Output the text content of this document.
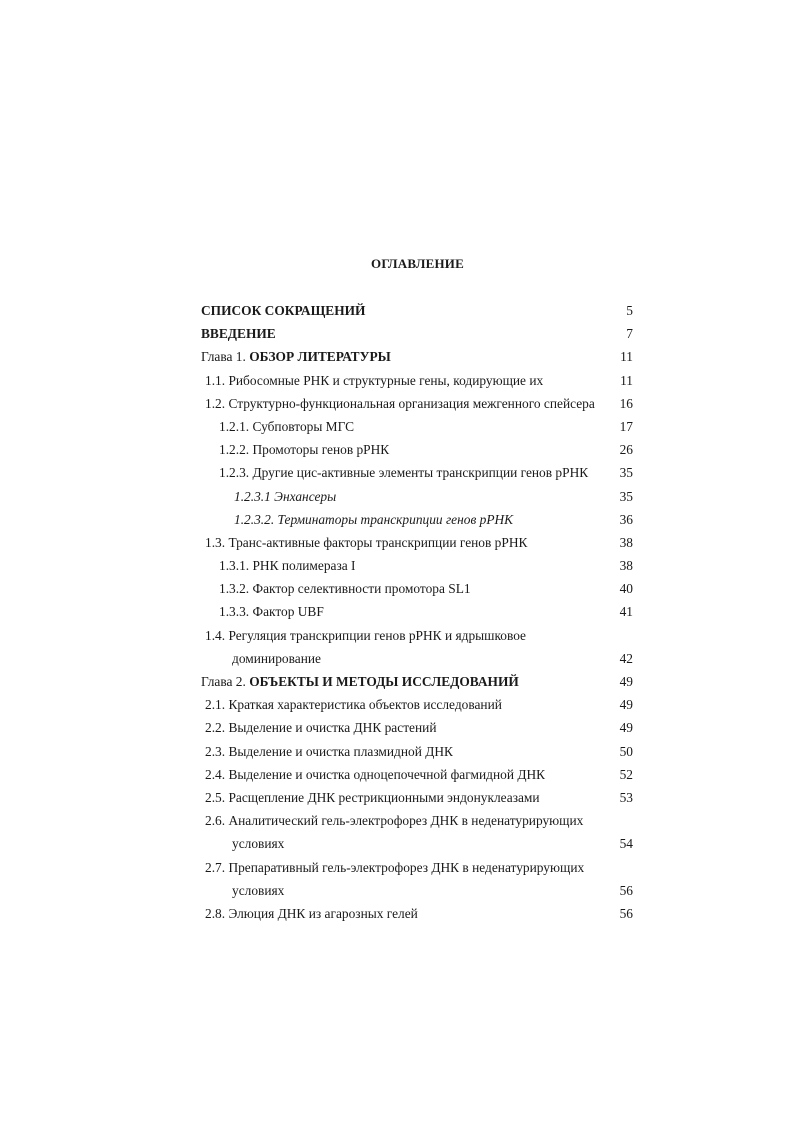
ОГЛАВЛЕНИЕ
СПИСОК СОКРАЩЕНИЙ	5
ВВЕДЕНИЕ	7
Глава 1. ОБЗОР ЛИТЕРАТУРЫ	11
1.1. Рибосомные РНК и структурные гены, кодирующие их	11
1.2. Структурно-функциональная организация межгенного спейсера 16
1.2.1. Субповторы МГС	17
1.2.2. Промоторы генов рРНК	26
1.2.3. Другие цис-активные элементы транскрипции генов рРНК 35
1.2.3.1 Энхансеры	35
1.2.3.2. Терминаторы транскрипции генов рРНК	36
1.3. Транс-активные факторы транскрипции генов рРНК	38
1.3.1. РНК полимераза I	38
1.3.2. Фактор селективности промотора SL1	40
1.3.3. Фактор UBF	41
1.4. Регуляция транскрипции генов рРНК и ядрышковое
доминирование	42
Глава 2. ОБЪЕКТЫ И МЕТОДЫ ИССЛЕДОВАНИЙ	49
2.1. Краткая характеристика объектов исследований	49
2.2. Выделение и очистка ДНК растений	49
2.3. Выделение и очистка плазмидной ДНК	50
2.4. Выделение и очистка одноцепочечной фагмидной ДНК	52
2.5. Расщепление ДНК рестрикционными эндонуклеазами	53
2.6. Аналитический гель-электрофорез ДНК в неденатурирующих
условиях	54
2.7. Препаративный гель-электрофорез ДНК в неденатурирующих
условиях	56
2.8. Элюция ДНК из агарозных гелей	56
